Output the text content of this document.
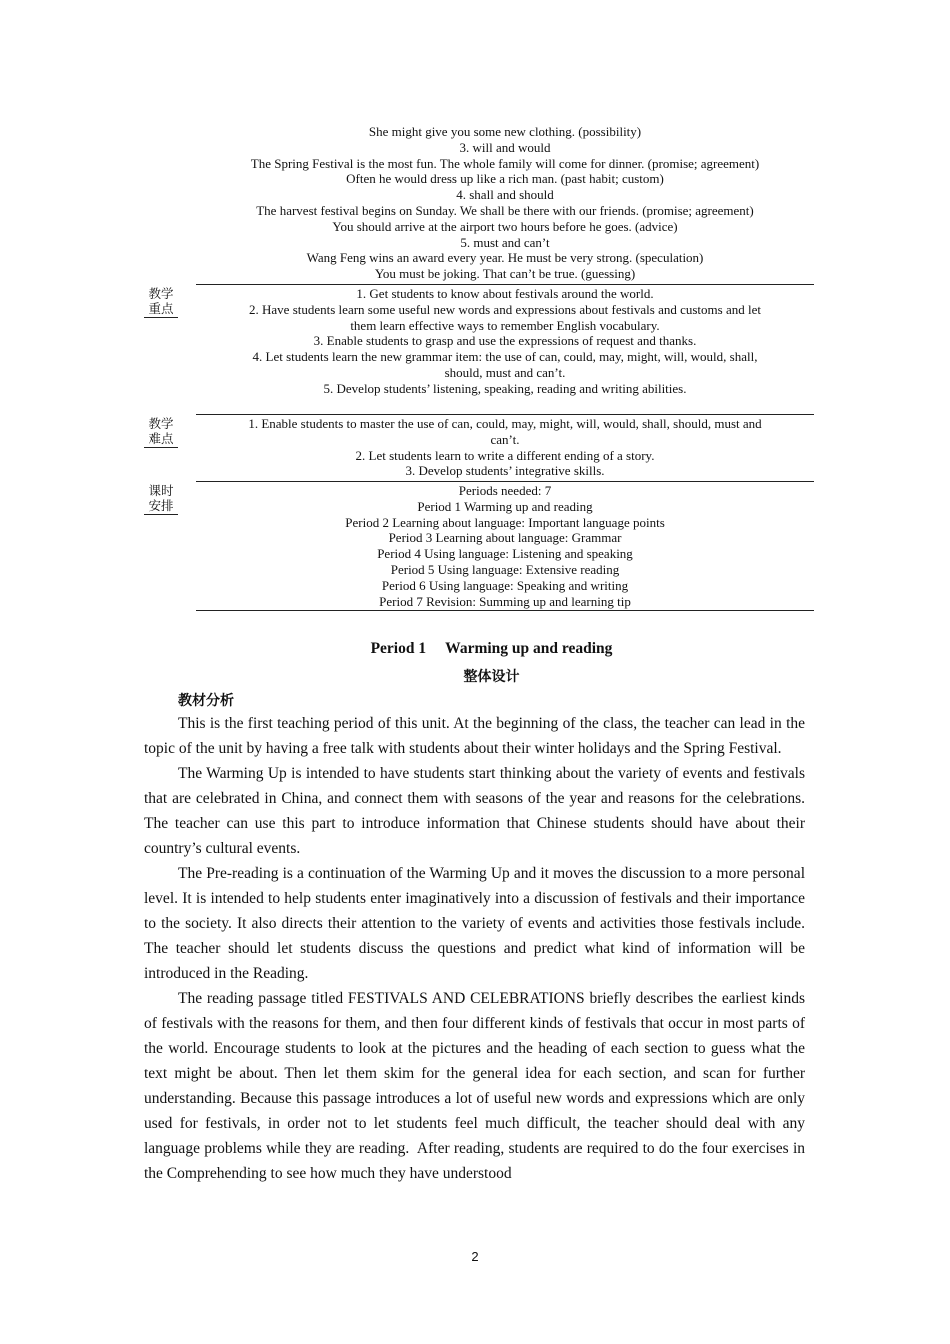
She might give you some new clothing. (possibility)
3. will and would
The Spring Festival is the most fun. The whole family will come for dinner. (promise; agreement)
Often he would dress up like a rich man. (past habit; custom)
4. shall and should
The harvest festival begins on Sunday. We shall be there with our friends. (promise; agreement)
You should arrive at the airport two hours before he goes. (advice)
5. must and can’t
Wang Feng wins an award every year. He must be very strong. (speculation)
You must be joking. That can’t be true. (guessing)
教学
重点
1. Get students to know about festivals around the world.
2. Have students learn some useful new words and expressions about festivals and customs and let
them learn effective ways to remember English vocabulary.
3. Enable students to grasp and use the expressions of request and thanks.
4. Let students learn the new grammar item: the use of can, could, may, might, will, would, shall,
should, must and can’t.
5. Develop students’ listening, speaking, reading and writing abilities.
教学
难点
1. Enable students to master the use of can, could, may, might, will, would, shall, should, must and
can’t.
2. Let students learn to write a different ending of a story.
3. Develop students’ integrative skills.
课时
安排
Periods needed: 7
Period 1 Warming up and reading
Period 2 Learning about language: Important language points
Period 3 Learning about language: Grammar
Period 4 Using language: Listening and speaking
Period 5 Using language: Extensive reading
Period 6 Using language: Speaking and writing
Period 7 Revision: Summing up and learning tip
Period 1  Warming up and reading
整体设计
教材分析

This is the first teaching period of this unit. At the beginning of the class, the teacher can lead in the topic of the unit by having a free talk with students about their winter holidays and the Spring Festival.

The Warming Up is intended to have students start thinking about the variety of events and festivals that are celebrated in China, and connect them with seasons of the year and reasons for the celebrations. The teacher can use this part to introduce information that Chinese students should have about their country’s cultural events.

The Pre-reading is a continuation of the Warming Up and it moves the discussion to a more personal level. It is intended to help students enter imaginatively into a discussion of festivals and their importance to the society. It also directs their attention to the variety of events and activities those festivals include. The teacher should let students discuss the questions and predict what kind of information will be introduced in the Reading.

The reading passage titled FESTIVALS AND CELEBRATIONS briefly describes the earliest kinds of festivals with the reasons for them, and then four different kinds of festivals that occur in most parts of the world. Encourage students to look at the pictures and the heading of each section to guess what the text might be about. Then let them skim for the general idea for each section, and scan for further understanding. Because this passage introduces a lot of useful new words and expressions which are only used for festivals, in order not to let students feel much difficult, the teacher should deal with any language problems while they are reading.  After reading, students are required to do the four exercises in the Comprehending to see how much they have understood

2
